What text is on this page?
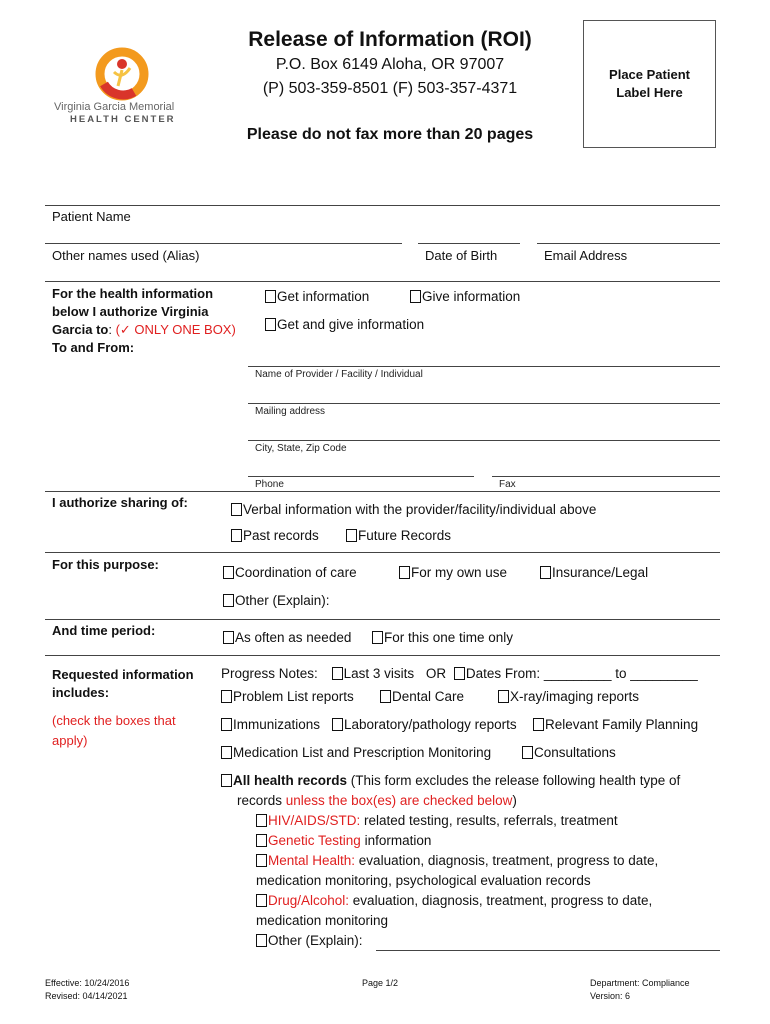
Virginia Garcia Memorial
HEALTH CENTER
Release of Information (ROI)
P.O. Box 6149 Aloha, OR 97007
(P) 503-359-8501 (F) 503-357-4371
Please do not fax more than 20 pages
Place Patient Label Here
Patient Name
Other names used (Alias)	Date of Birth	Email Address
For the health information
below I authorize Virginia
Garcia to: (✓ ONLY ONE BOX)
To and From:
Get information	Give information
Get and give information
Name of Provider / Facility / Individual
Mailing address
City, State, Zip Code
Phone	Fax
I authorize sharing of:	Verbal information with the provider/facility/individual above
Past records	Future Records
For this purpose:
Coordination of care	For my own use	Insurance/Legal
Other (Explain):
And time period:	As often as needed	For this one time only
Requested information
includes:
(check the boxes that
apply)
Progress Notes: Last 3 visits OR Dates From: _________ to _________
Problem List reports	Dental Care	X-ray/imaging reports
Immunizations	Laboratory/pathology reports	Relevant Family Planning
Medication List and Prescription Monitoring	Consultations
All health records (This form excludes the release following health type of
records unless the box(es) are checked below)
HIV/AIDS/STD: related testing, results, referrals, treatment
Genetic Testing information
Mental Health: evaluation, diagnosis, treatment, progress to date,
medication monitoring, psychological evaluation records
Drug/Alcohol: evaluation, diagnosis, treatment, progress to date,
medication monitoring
Other (Explain):
Effective: 10/24/2016
Revised: 04/14/2021
Page 1/2	Department: Compliance
Version: 6
